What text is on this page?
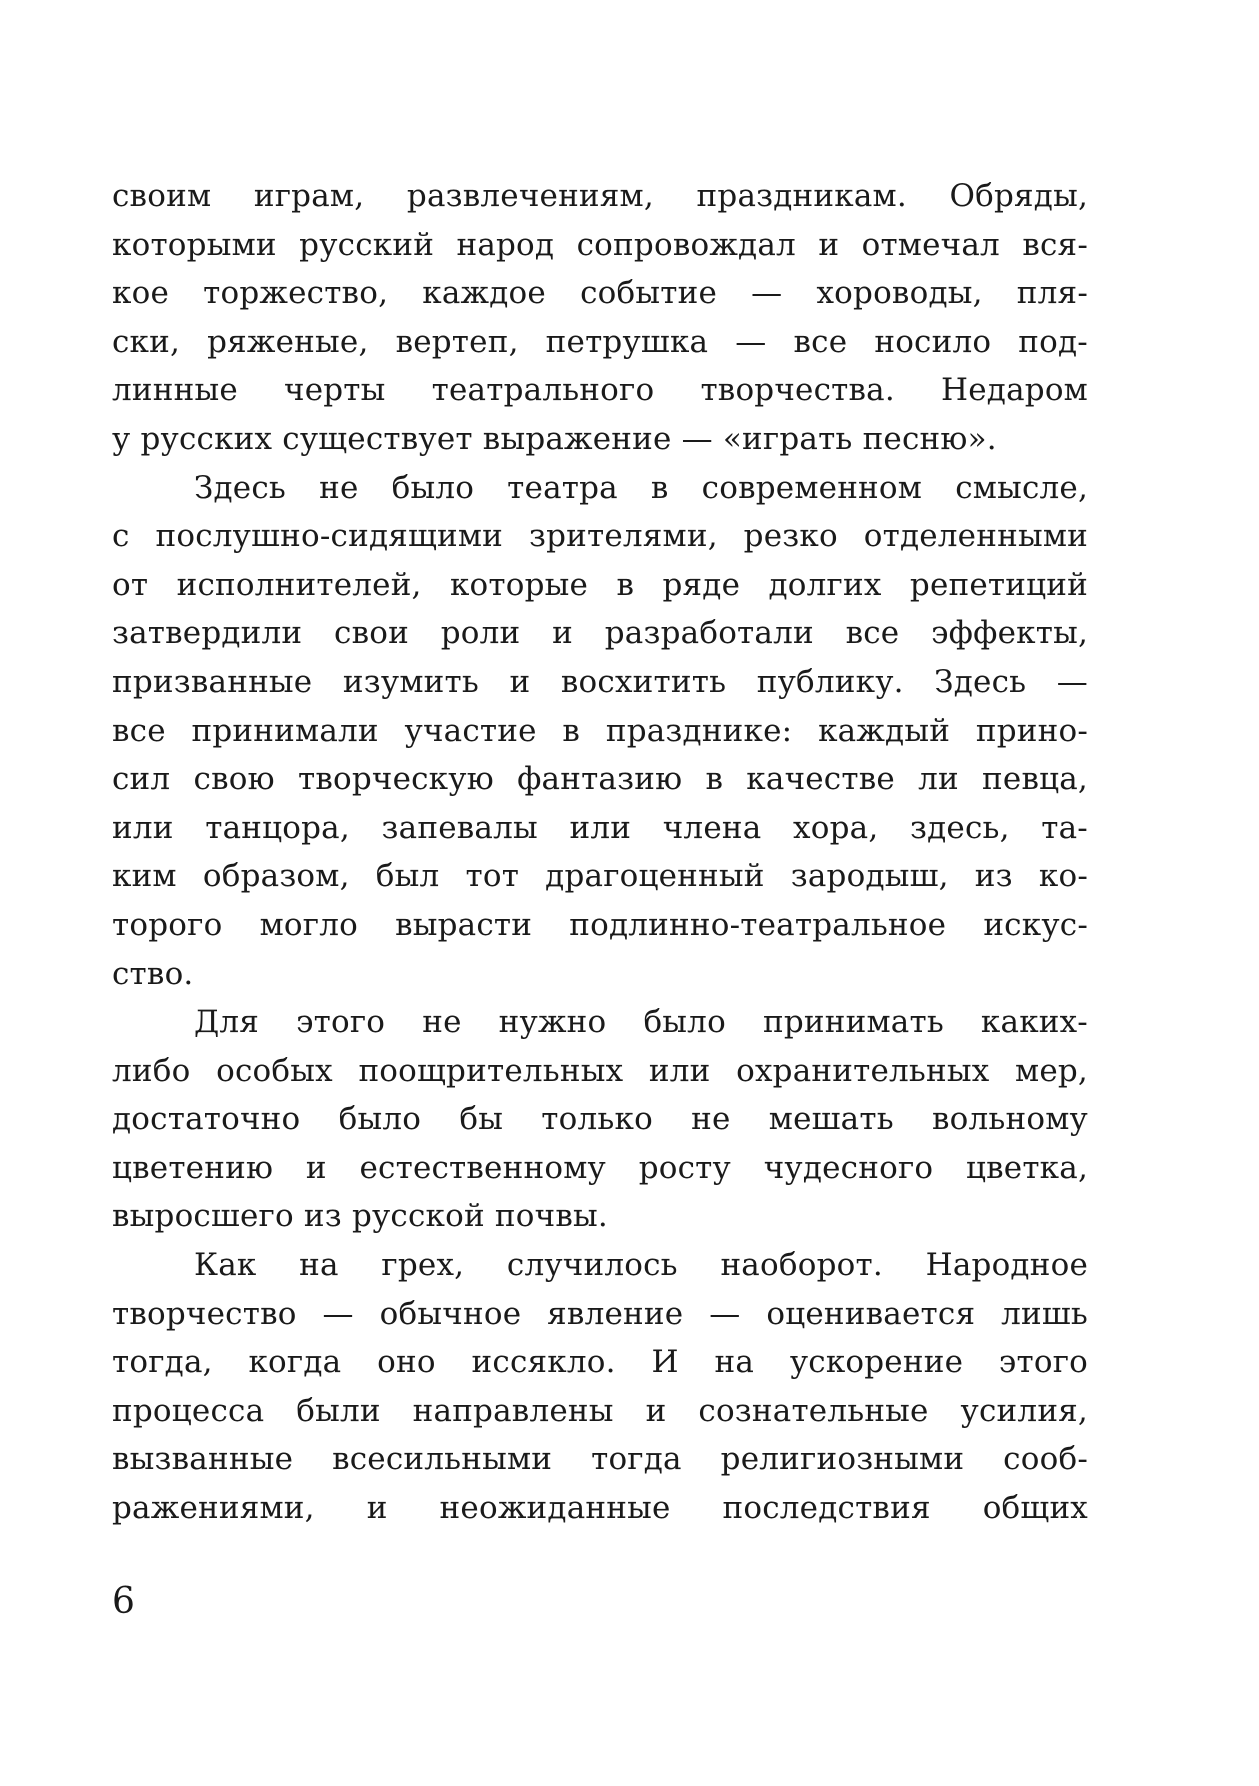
своим играм, развлечениям, праздникам. Обряды,
которыми русский народ сопровождал и отмечал вся-
кое торжество, каждое событие — хороводы, пля-
ски, ряженые, вертеп, петрушка — все носило под-
линные черты театрального творчества. Недаром
у русских существует выражение — «играть песню».
Здесь не было театра в современном смысле,
с послушно-сидящими зрителями, резко отделенными
от исполнителей, которые в ряде долгих репетиций
затвердили свои роли и разработали все эффекты,
призванные изумить и восхитить публику. Здесь —
все принимали участие в празднике: каждый прино-
сил свою творческую фантазию в качестве ли певца,
или танцора, запевалы или члена хора, здесь, та-
ким образом, был тот драгоценный зародыш, из ко-
торого могло вырасти подлинно-театральное искус-
ство.
Для этого не нужно было принимать каких-
либо особых поощрительных или охранительных мер,
достаточно было бы только не мешать вольному
цветению и естественному росту чудесного цветка,
выросшего из русской почвы.
Как на грех, случилось наоборот. Народное
творчество — обычное явление — оценивается лишь
тогда, когда оно иссякло. И на ускорение этого
процесса были направлены и сознательные усилия,
вызванные всесильными тогда религиозными сооб-
ражениями, и неожиданные последствия общих
6
